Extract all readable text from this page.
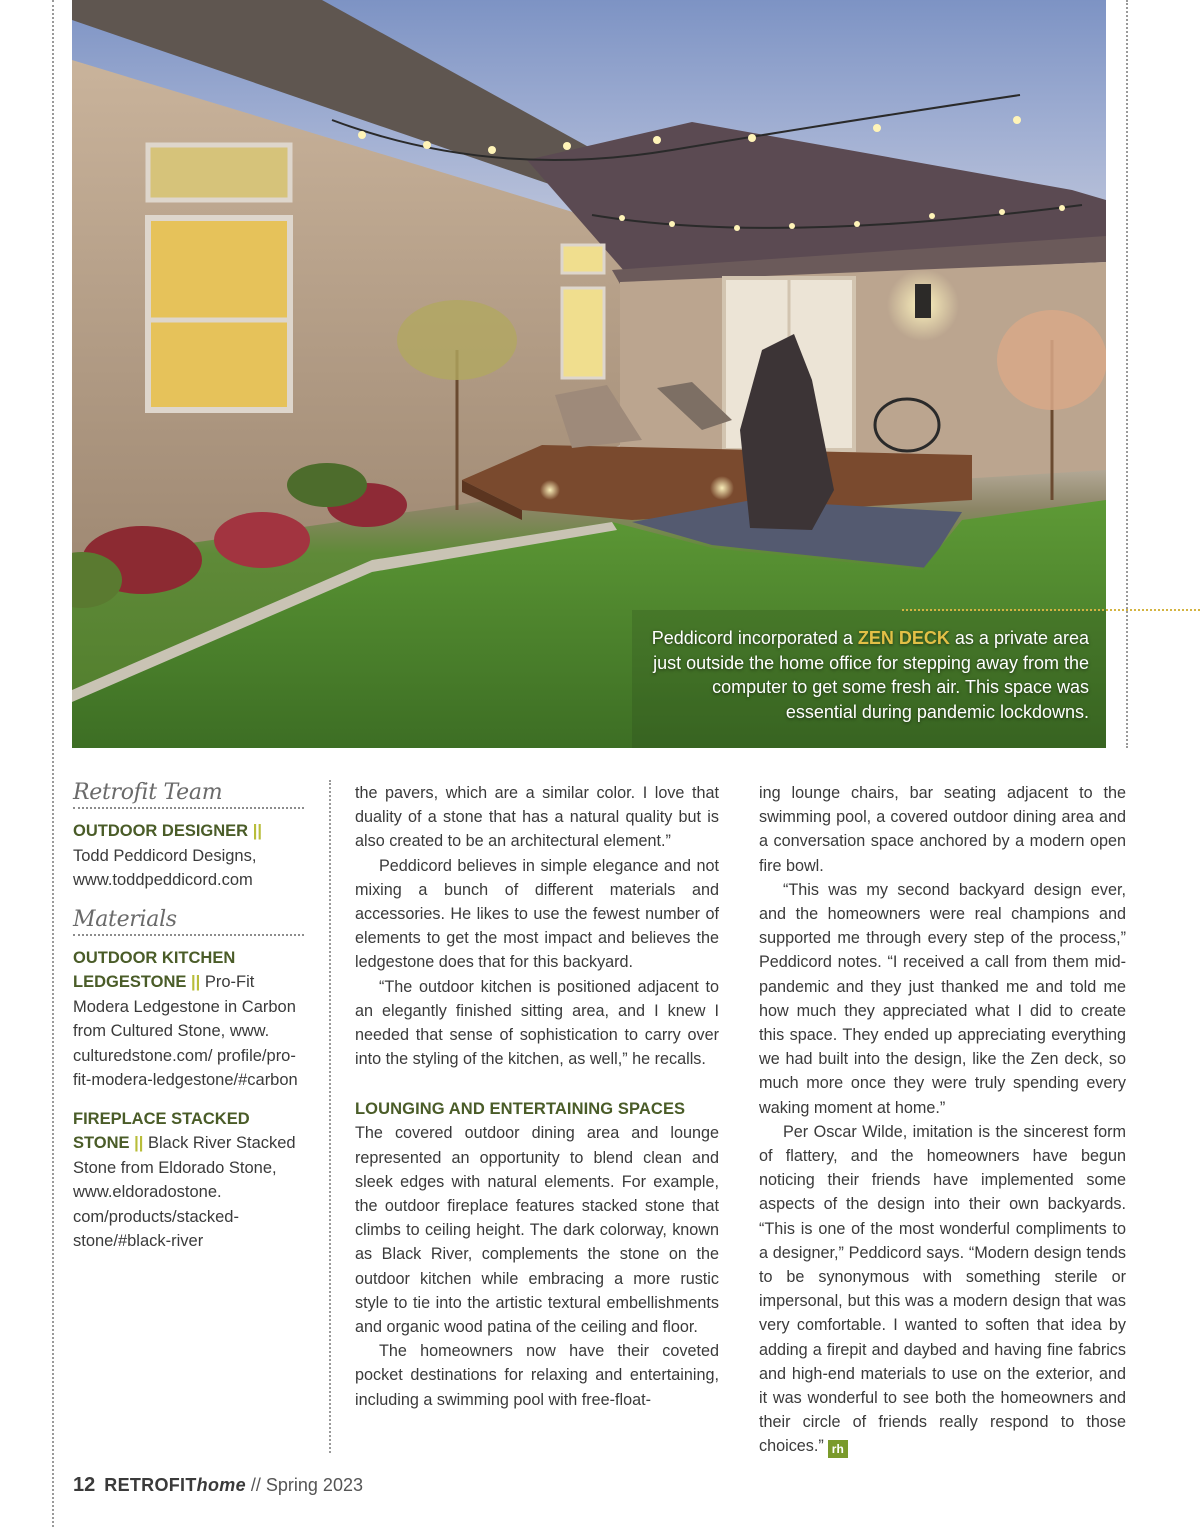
Peddicord incorporated a ZEN DECK as a private area just outside the home office for stepping away from the computer to get some fresh air. This space was essential during pandemic lockdowns.
Retrofit Team
OUTDOOR DESIGNER ||
Todd Peddicord Designs, www.toddpeddicord.com
Materials
OUTDOOR KITCHEN LEDGESTONE || Pro-Fit Modera Ledgestone in Carbon from Cultured Stone, www. culturedstone.com/ profile/pro-fit-modera-ledgestone/#carbon
FIREPLACE STACKED STONE || Black River Stacked Stone from Eldorado Stone, www.eldoradostone. com/products/stacked-stone/#black-river

the pavers, which are a similar color. I love that duality of a stone that has a natural quality but is also created to be an architectural element.”

Peddicord believes in simple elegance and not mixing a bunch of different materials and accessories. He likes to use the fewest number of elements to get the most impact and believes the ledgestone does that for this backyard.

“The outdoor kitchen is positioned adjacent to an elegantly finished sitting area, and I knew I needed that sense of sophistication to carry over into the styling of the kitchen, as well,” he recalls.

LOUNGING AND ENTERTAINING SPACES

The covered outdoor dining area and lounge represented an opportunity to blend clean and sleek edges with natural elements. For example, the outdoor fireplace features stacked stone that climbs to ceiling height. The dark colorway, known as Black River, complements the stone on the outdoor kitchen while embracing a more rustic style to tie into the artistic textural embellishments and organic wood patina of the ceiling and floor.

The homeowners now have their coveted pocket destinations for relaxing and entertaining, including a swimming pool with free-float-

ing lounge chairs, bar seating adjacent to the swimming pool, a covered outdoor dining area and a conversation space anchored by a modern open fire bowl.

“This was my second backyard design ever, and the homeowners were real champions and supported me through every step of the process,” Peddicord notes. “I received a call from them mid-pandemic and they just thanked me and told me how much they appreciated what I did to create this space. They ended up appreciating everything we had built into the design, like the Zen deck, so much more once they were truly spending every waking moment at home.”

Per Oscar Wilde, imitation is the sincerest form of flattery, and the homeowners have begun noticing their friends have implemented some aspects of the design into their own backyards. “This is one of the most wonderful compliments to a designer,” Peddicord says. “Modern design tends to be synonymous with something sterile or impersonal, but this was a modern design that was very comfortable. I wanted to soften that idea by adding a firepit and daybed and having fine fabrics and high-end materials to use on the exterior, and it was wonderful to see both the homeowners and their circle of friends really respond to those choices.” rh

12 RETROFIThome // Spring 2023
